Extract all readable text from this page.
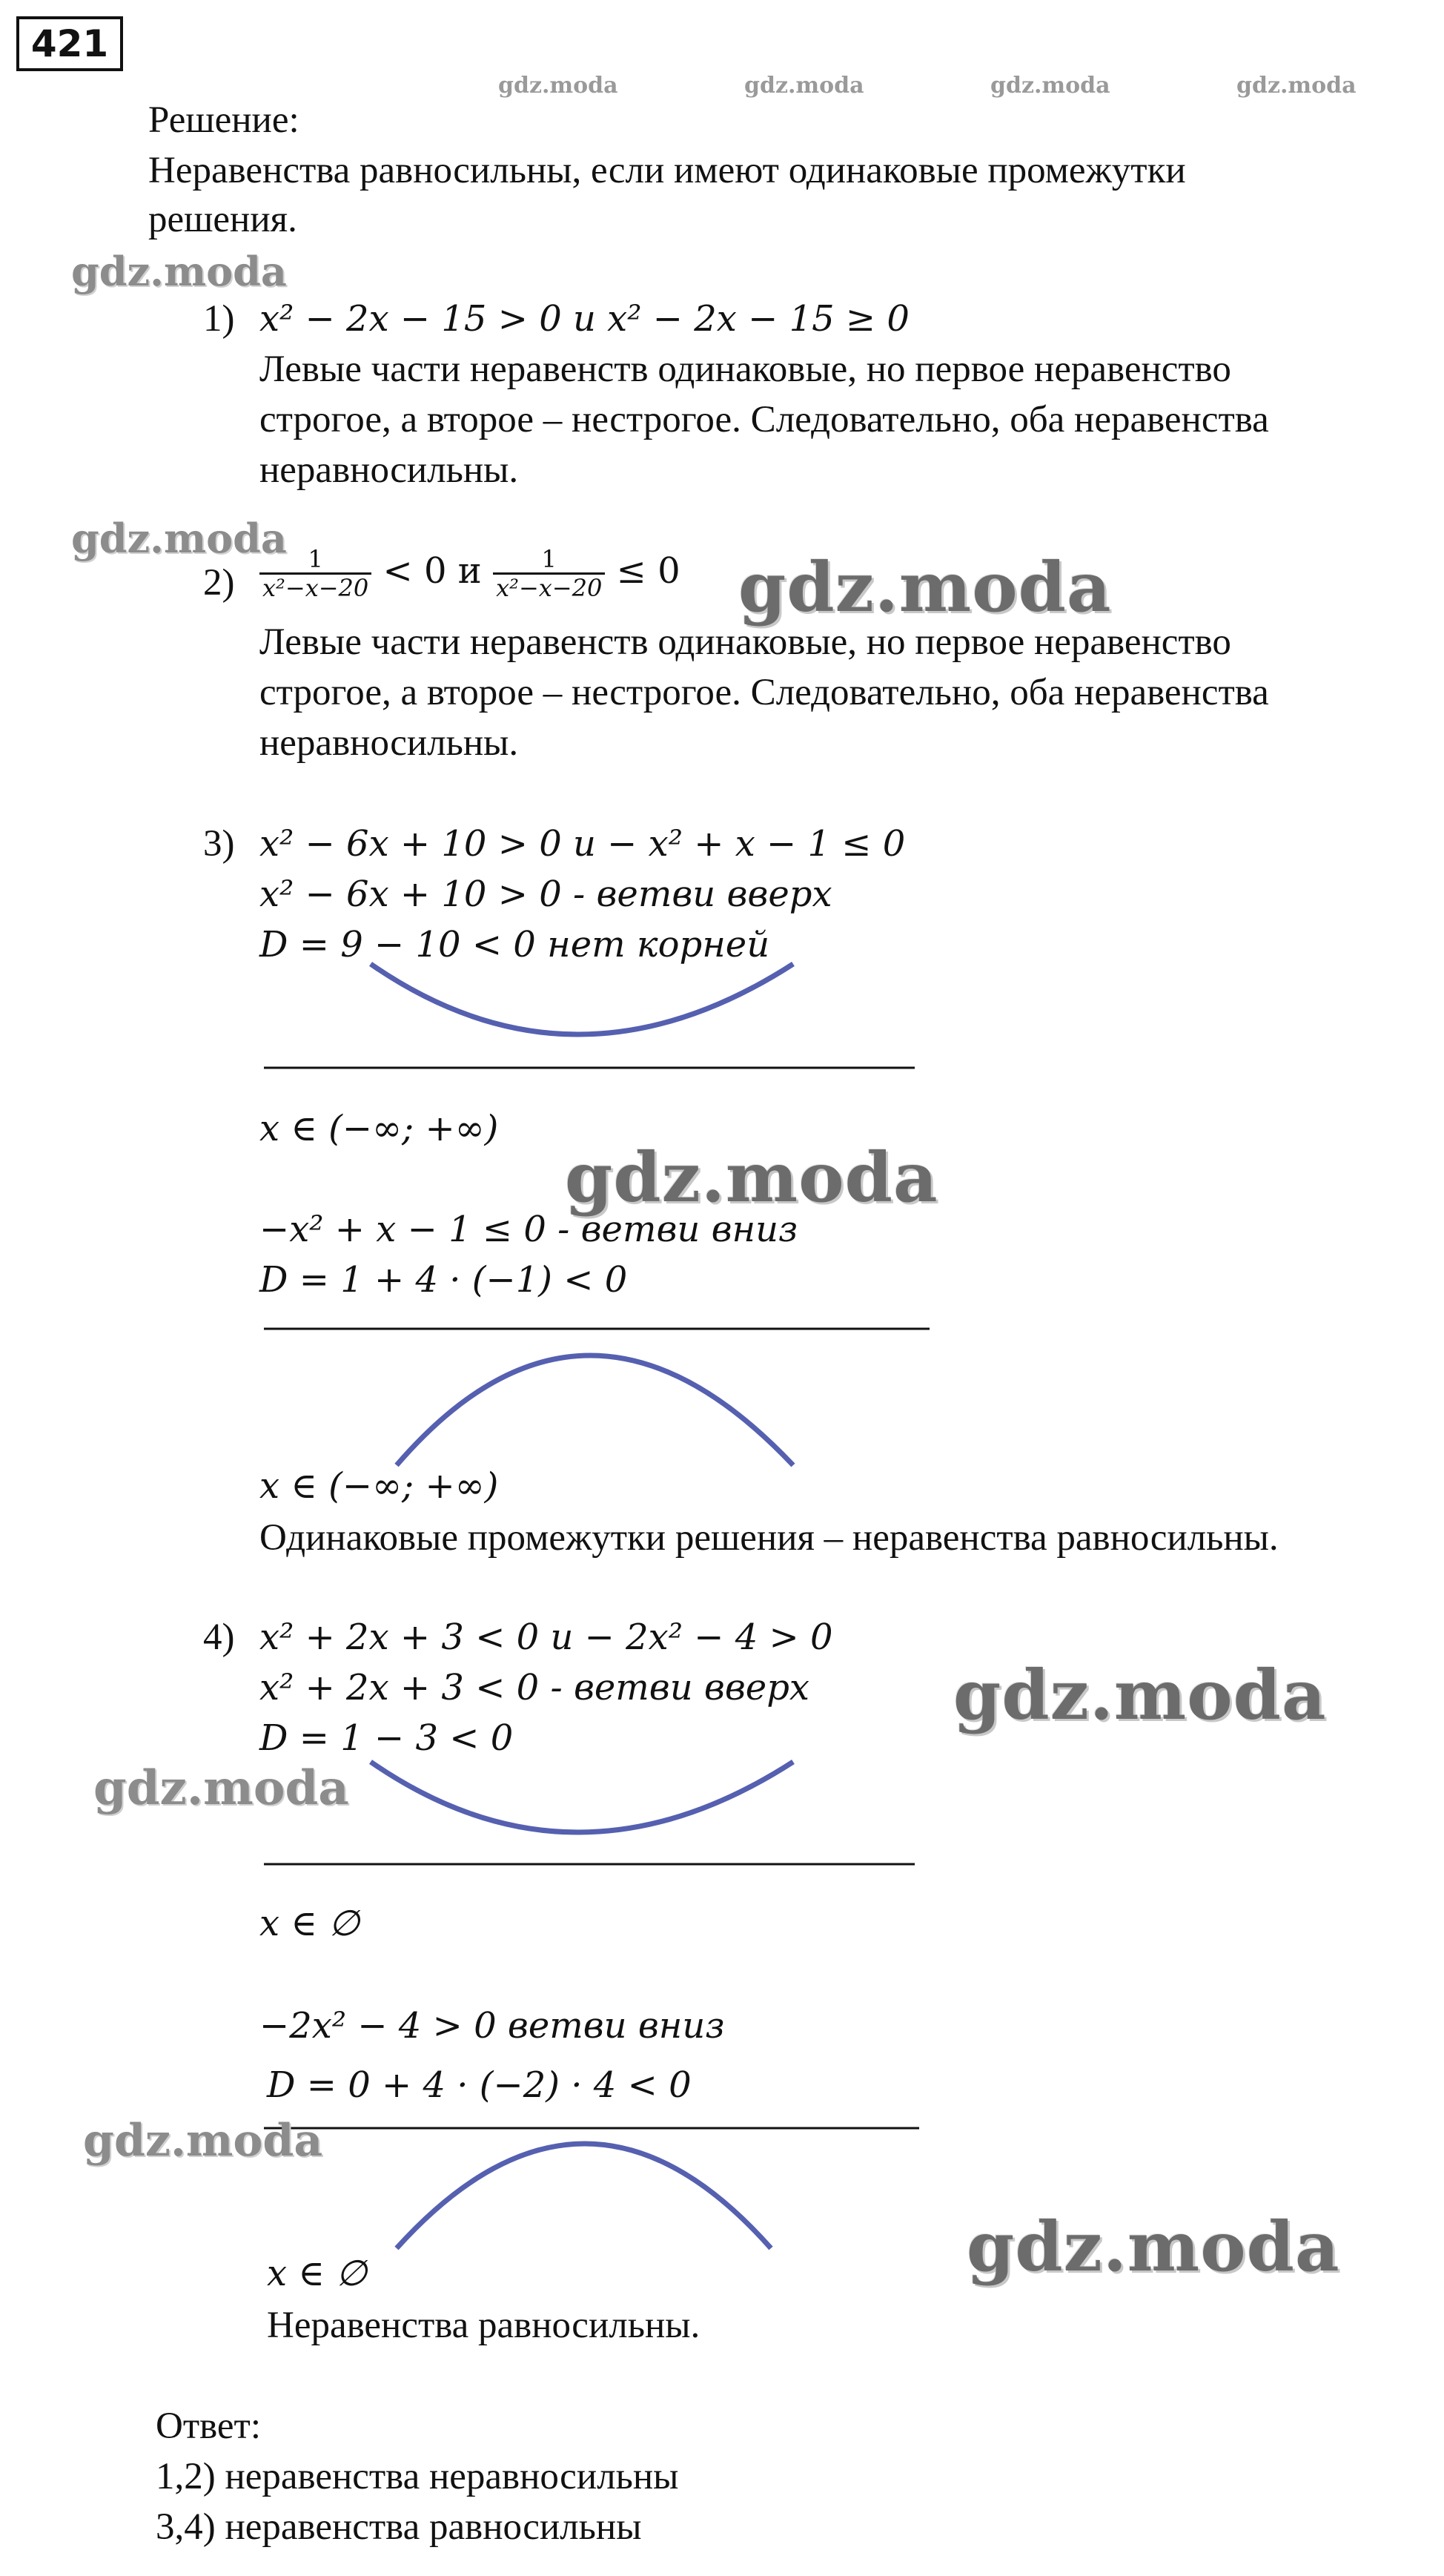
421
gdz.moda	gdz.moda	gdz.moda	gdz.moda
Решение:
Неравенства равносильны, если имеют одинаковые промежутки
решения.
gdz.moda
1) x² − 2x − 15 > 0 и x² − 2x − 15 ≥ 0
Левые части неравенств одинаковые, но первое неравенство
строгое, а второе – нестрогое. Следовательно, оба неравенства
неравносильны.
gdz.moda
$2) \frac{1}{\text{x²−x−20}} < 0$ и $\frac{1}{\text{x²−x−20}} \le 0$ gdz.moda
Левые части неравенств одинаковые, но первое неравенство
строгое, а второе – нестрогое. Следовательно, оба неравенства
неравносильны.
3) x² − 6x + 10 > 0 и − x² + x − 1 ≤ 0
x² − 6x + 10 > 0 - ветви вверх
D = 9 − 10 < 0 нет корней
x ∈ (−∞; +∞)
gdz.moda
−x² + x − 1 ≤ 0 - ветви вниз
D = 1 + 4 · (−1) < 0
x ∈ (−∞; +∞)
Одинаковые промежутки решения – неравенства равносильны.
4) x² + 2x + 3 < 0 и − 2x² − 4 > 0
x² + 2x + 3 < 0 - ветви вверх gdz.moda
D = 1 − 3 < 0
gdz.moda
x ∈ ∅
−2x² − 4 > 0 ветви вниз
D = 0 + 4 · (−2) · 4 < 0
gdz.moda
gdz.moda
x ∈ ∅
Неравенства равносильны.
Ответ:
1,2) неравенства неравносильны
3,4) неравенства равносильны
